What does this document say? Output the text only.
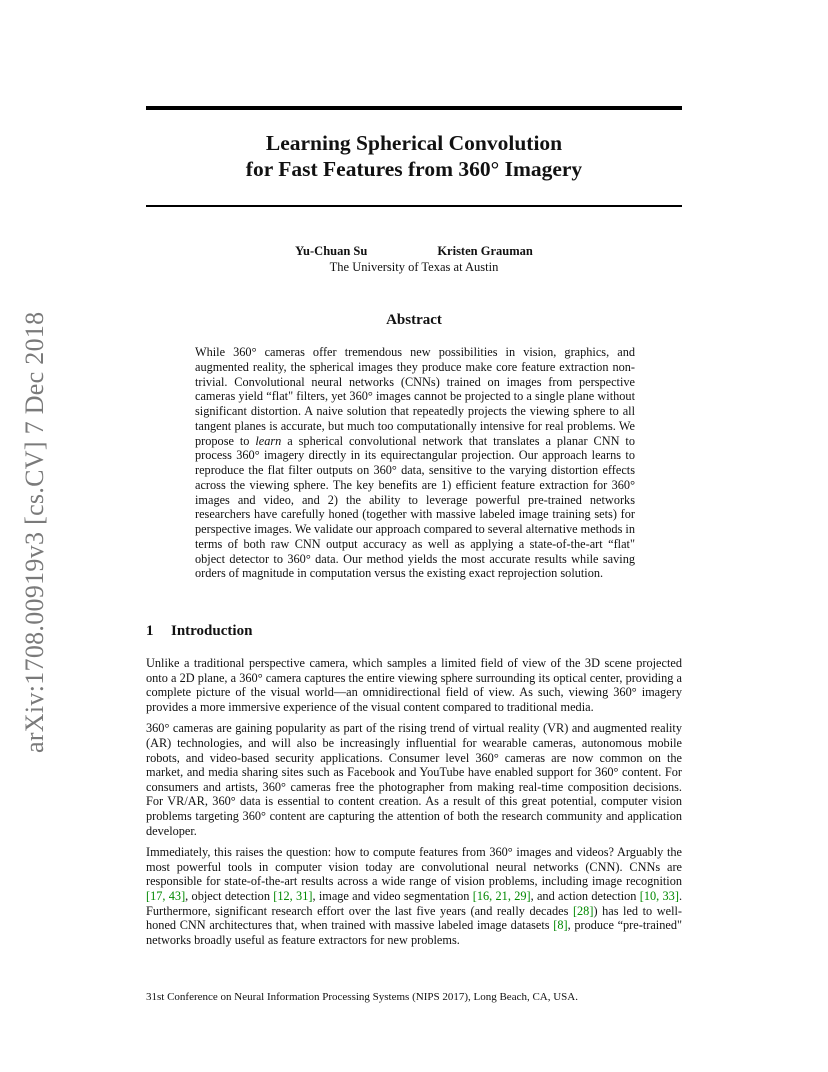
arXiv:1708.00919v3 [cs.CV] 7 Dec 2018
Learning Spherical Convolution
for Fast Features from 360° Imagery
Yu-Chuan Su	Kristen Grauman
The University of Texas at Austin
Abstract
While 360° cameras offer tremendous new possibilities in vision, graphics, and augmented reality, the spherical images they produce make core feature extraction non-trivial. Convolutional neural networks (CNNs) trained on images from perspective cameras yield “flat" filters, yet 360° images cannot be projected to a single plane without significant distortion. A naive solution that repeatedly projects the viewing sphere to all tangent planes is accurate, but much too computationally intensive for real problems. We propose to learn a spherical convolutional network that translates a planar CNN to process 360° imagery directly in its equirectangular projection. Our approach learns to reproduce the flat filter outputs on 360° data, sensitive to the varying distortion effects across the viewing sphere. The key benefits are 1) efficient feature extraction for 360° images and video, and 2) the ability to leverage powerful pre-trained networks researchers have carefully honed (together with massive labeled image training sets) for perspective images. We validate our approach compared to several alternative methods in terms of both raw CNN output accuracy as well as applying a state-of-the-art “flat" object detector to 360° data. Our method yields the most accurate results while saving orders of magnitude in computation versus the existing exact reprojection solution.
1 Introduction

Unlike a traditional perspective camera, which samples a limited field of view of the 3D scene projected onto a 2D plane, a 360° camera captures the entire viewing sphere surrounding its optical center, providing a complete picture of the visual world—an omnidirectional field of view. As such, viewing 360° imagery provides a more immersive experience of the visual content compared to traditional media.

360° cameras are gaining popularity as part of the rising trend of virtual reality (VR) and augmented reality (AR) technologies, and will also be increasingly influential for wearable cameras, autonomous mobile robots, and video-based security applications. Consumer level 360° cameras are now common on the market, and media sharing sites such as Facebook and YouTube have enabled support for 360° content. For consumers and artists, 360° cameras free the photographer from making real-time composition decisions. For VR/AR, 360° data is essential to content creation. As a result of this great potential, computer vision problems targeting 360° content are capturing the attention of both the research community and application developer.

Immediately, this raises the question: how to compute features from 360° images and videos? Arguably the most powerful tools in computer vision today are convolutional neural networks (CNN). CNNs are responsible for state-of-the-art results across a wide range of vision problems, including image recognition [17, 43], object detection [12, 31], image and video segmentation [16, 21, 29], and action detection [10, 33]. Furthermore, significant research effort over the last five years (and really decades [28]) has led to well-honed CNN architectures that, when trained with massive labeled image datasets [8], produce “pre-trained" networks broadly useful as feature extractors for new problems.

31st Conference on Neural Information Processing Systems (NIPS 2017), Long Beach, CA, USA.
